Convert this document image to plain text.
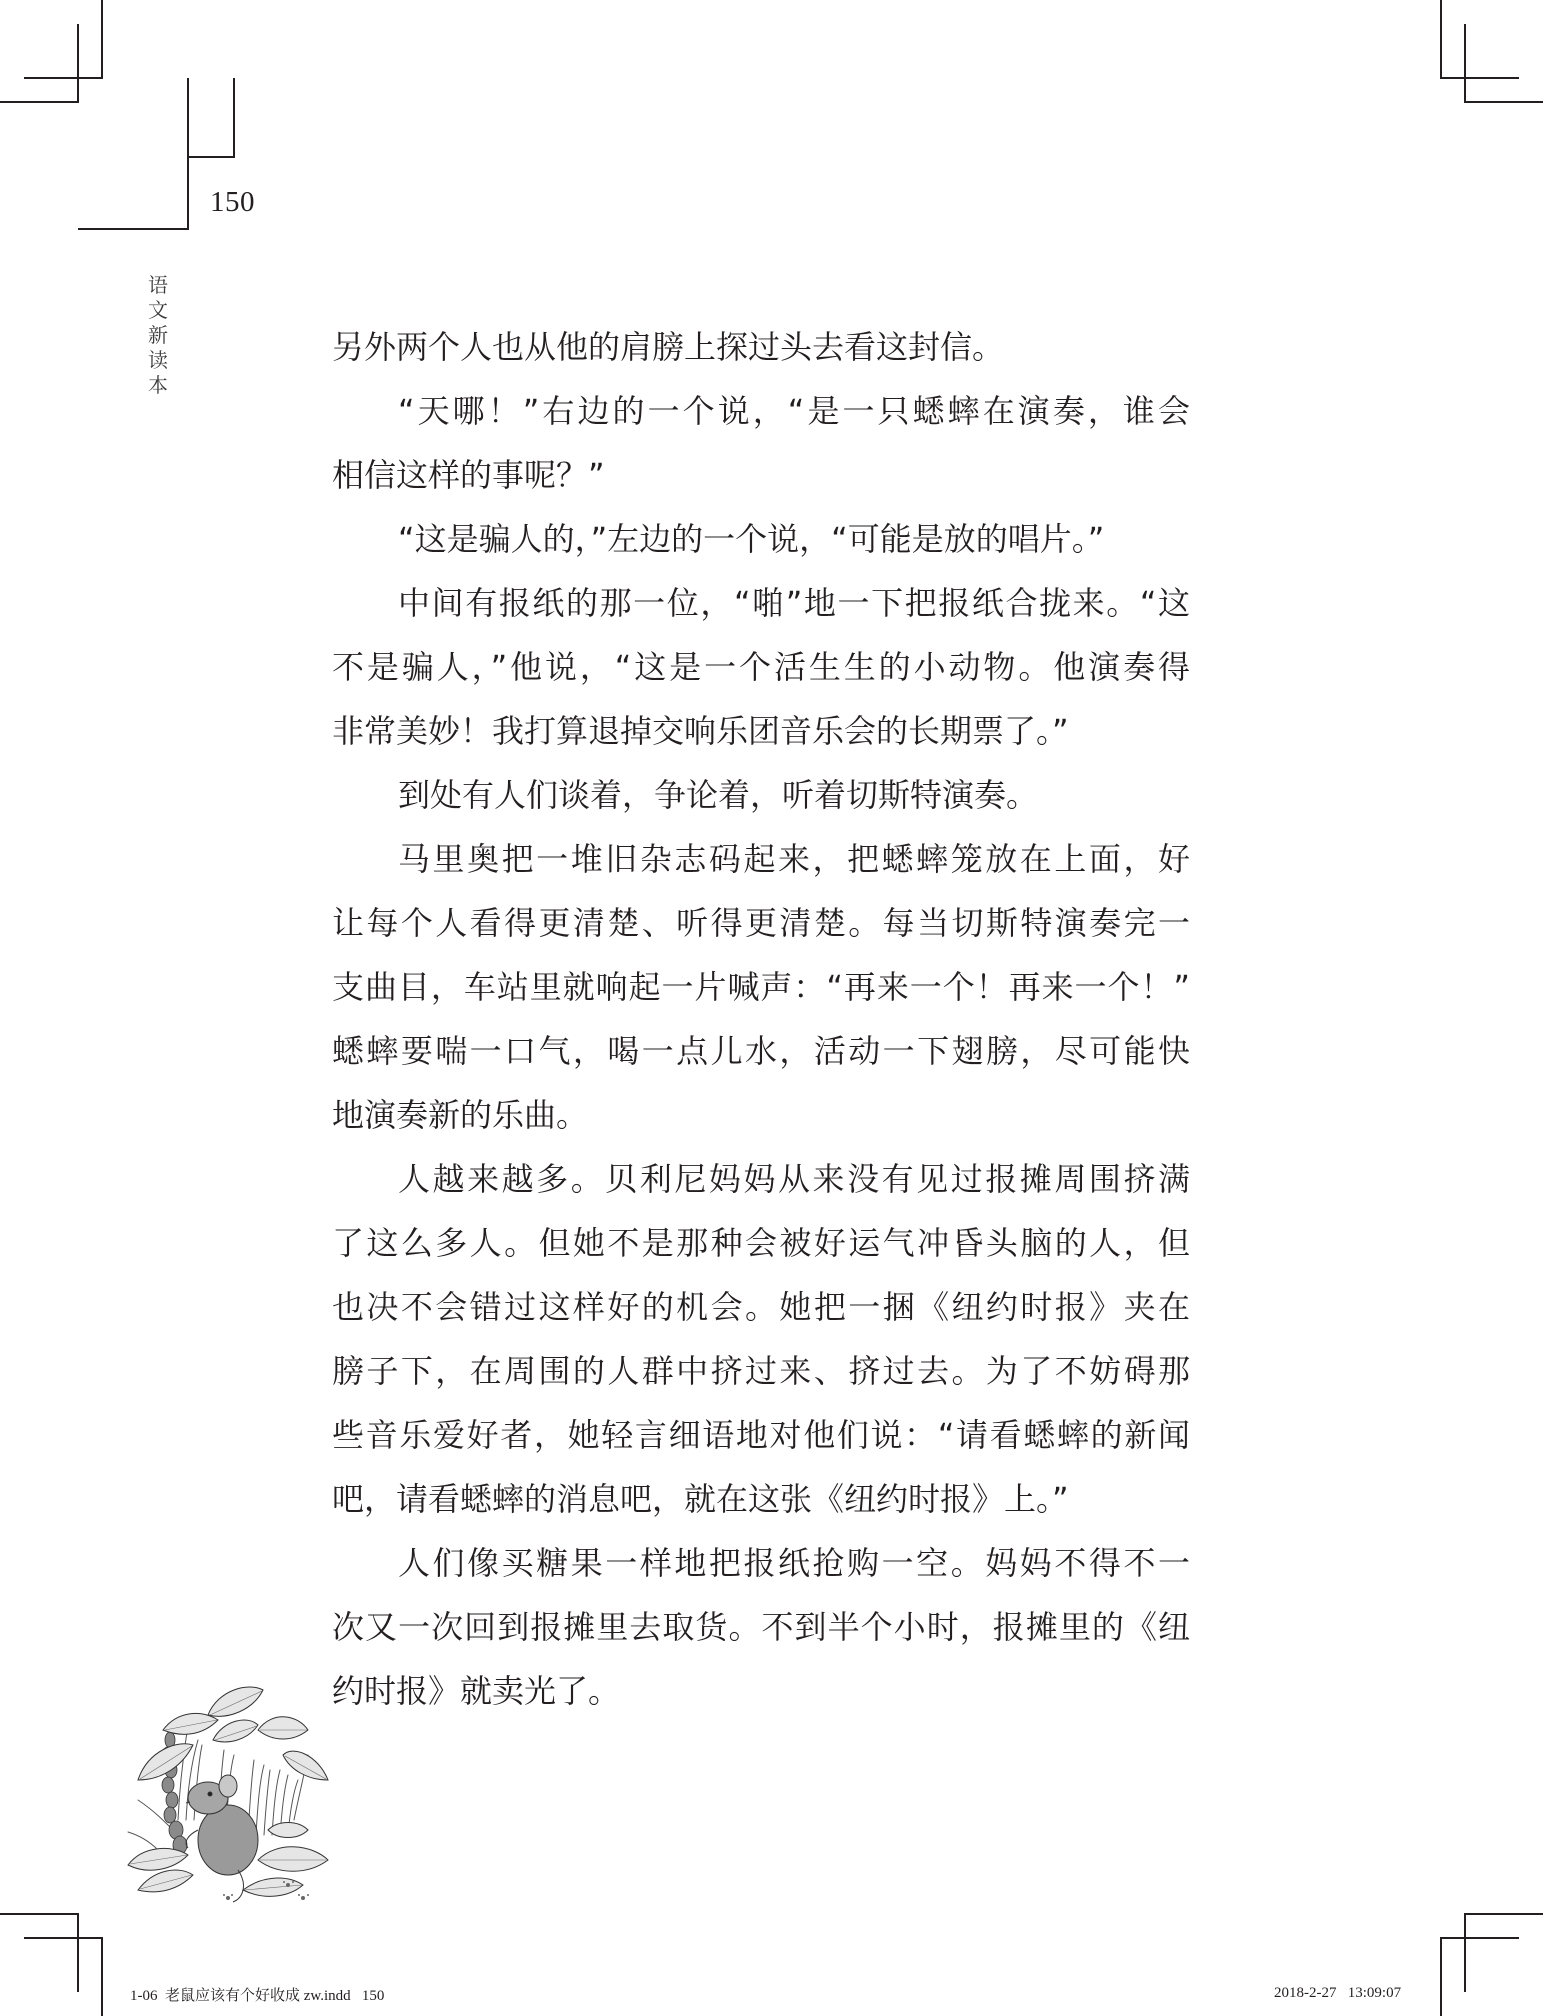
150
语文新读本
另外两个人也从他的肩膀上探过头去看这封信。
“天哪！”右边的一个说，“是一只蟋蟀在演奏，谁会
相信这样的事呢？”
“这是骗人的，”左边的一个说，“可能是放的唱片。”
中间有报纸的那一位，“啪”地一下把报纸合拢来。“这
不是骗人，”他说，“这是一个活生生的小动物。他演奏得
非常美妙！我打算退掉交响乐团音乐会的长期票了。”
到处有人们谈着，争论着，听着切斯特演奏。
马里奥把一堆旧杂志码起来，把蟋蟀笼放在上面，好
让每个人看得更清楚、听得更清楚。每当切斯特演奏完一
支曲目，车站里就响起一片喊声：“再来一个！再来一个！”
蟋蟀要喘一口气，喝一点儿水，活动一下翅膀，尽可能快
地演奏新的乐曲。
人越来越多。贝利尼妈妈从来没有见过报摊周围挤满
了这么多人。但她不是那种会被好运气冲昏头脑的人，但
也决不会错过这样好的机会。她把一捆《纽约时报》夹在
膀子下，在周围的人群中挤过来、挤过去。为了不妨碍那
些音乐爱好者，她轻言细语地对他们说：“请看蟋蟀的新闻
吧，请看蟋蟀的消息吧，就在这张《纽约时报》上。”
人们像买糖果一样地把报纸抢购一空。妈妈不得不一
次又一次回到报摊里去取货。不到半个小时，报摊里的《纽
约时报》就卖光了。
1-06  老鼠应该有个好收成 zw.indd   150	2018-2-27   13:09:07
